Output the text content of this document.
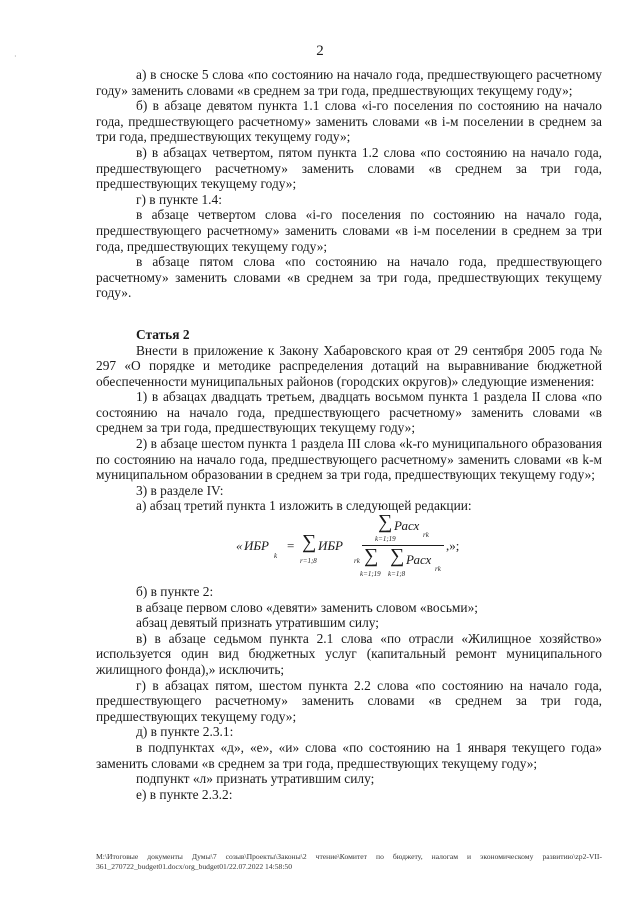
2
·

а) в сноске 5 слова «по состоянию на начало года, предшествующего расчетному году» заменить словами «в среднем за три года, предшествующих текущему году»;

б) в абзаце девятом пункта 1.1 слова «i-го поселения по состоянию на начало года, предшествующего расчетному» заменить словами «в i-м поселении в среднем за три года, предшествующих текущему году»;

в) в абзацах четвертом, пятом пункта 1.2 слова «по состоянию на начало года, предшествующего расчетному» заменить словами «в среднем за три года, предшествующих текущему году»;

г) в пункте 1.4:

в абзаце четвертом слова «i-го поселения по состоянию на начало года, предшествующего расчетному» заменить словами «в i-м поселении в среднем за три года, предшествующих текущему году»;

в абзаце пятом слова «по состоянию на начало года, предшествующего расчетному» заменить словами «в среднем за три года, предшествующих текущему году».

Статья 2

Внести в приложение к Закону Хабаровского края от 29 сентября 2005 года № 297 «О порядке и методике распределения дотаций на выравнивание бюджетной обеспеченности муниципальных районов (городских округов)» следующие изменения:

1) в абзацах двадцать третьем, двадцать восьмом пункта 1 раздела II слова «по состоянию на начало года, предшествующего расчетному» заменить словами «в среднем за три года, предшествующих текущему году»;

2) в абзаце шестом пункта 1 раздела III слова «k-го муниципального образования по состоянию на начало года, предшествующего расчетному» заменить словами «в k-м муниципальном образовании в среднем за три года, предшествующих текущему году»;

3) в разделе IV:

а) абзац третий пункта 1 изложить в следующей редакции:

« ИБР
k
= ∑
r=1;8
ИБР
rk
∑
k=1;19
Расх
rk
∑
k=1;19
∑
k=1;8
Расх
rk
,»;

б) в пункте 2:

в абзаце первом слово «девяти» заменить словом «восьми»;

абзац девятый признать утратившим силу;

в) в абзаце седьмом пункта 2.1 слова «по отрасли «Жилищное хозяйство» используется один вид бюджетных услуг (капитальный ремонт муниципального жилищного фонда),» исключить;

г) в абзацах пятом, шестом пункта 2.2 слова «по состоянию на начало года, предшествующего расчетному» заменить словами «в среднем за три года, предшествующих текущему году»;

д) в пункте 2.3.1:

в подпунктах «д», «е», «и» слова «по состоянию на 1 января текущего года» заменить словами «в среднем за три года, предшествующих текущему году»;

подпункт «л» признать утратившим силу;

е) в пункте 2.3.2:

M:\Итоговые документы Думы\7 созыв\Проекты\Законы\2 чтение\Комитет по бюджету, налогам и экономическому развитию\zp2-VII-361_270722_budget01.docx/org_budget01/22.07.2022 14:58:50
